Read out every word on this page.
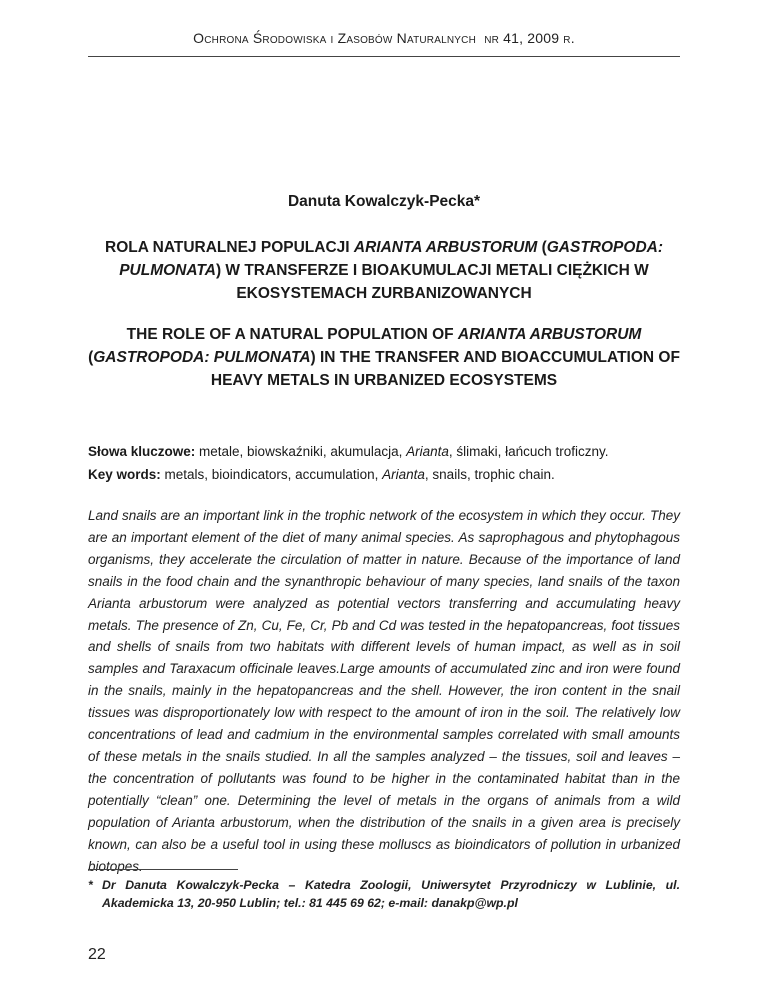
Ochrona Środowiska i Zasobów Naturalnych nr 41, 2009 r.
Danuta Kowalczyk-Pecka*
ROLA NATURALNEJ POPULACJI ARIANTA ARBUSTORUM (GASTROPODA: PULMONATA) W TRANSFERZE I BIOAKUMULACJI METALI CIĘŻKICH W EKOSYSTEMACH ZURBANIZOWANYCH
THE ROLE OF A NATURAL POPULATION OF ARIANTA ARBUSTORUM (GASTROPODA: PULMONATA) IN THE TRANSFER AND BIOACCUMULATION OF HEAVY METALS IN URBANIZED ECOSYSTEMS
Słowa kluczowe: metale, biowskaźniki, akumulacja, Arianta, ślimaki, łańcuch troficzny.
Key words: metals, bioindicators, accumulation, Arianta, snails, trophic chain.
Land snails are an important link in the trophic network of the ecosystem in which they occur. They are an important element of the diet of many animal species. As saprophagous and phytophagous organisms, they accelerate the circulation of matter in nature. Because of the importance of land snails in the food chain and the synanthropic behaviour of many species, land snails of the taxon Arianta arbustorum were analyzed as potential vectors transferring and accumulating heavy metals. The presence of Zn, Cu, Fe, Cr, Pb and Cd was tested in the hepatopancreas, foot tissues and shells of snails from two habitats with different levels of human impact, as well as in soil samples and Taraxacum officinale leaves.Large amounts of accumulated zinc and iron were found in the snails, mainly in the hepatopancreas and the shell. However, the iron content in the snail tissues was disproportionately low with respect to the amount of iron in the soil. The relatively low concentrations of lead and cadmium in the environmental samples correlated with small amounts of these metals in the snails studied. In all the samples analyzed – the tissues, soil and leaves – the concentration of pollutants was found to be higher in the contaminated habitat than in the potentially “clean” one. Determining the level of metals in the organs of animals from a wild population of Arianta arbustorum, when the distribution of the snails in a given area is precisely known, can also be a useful tool in using these molluscs as bioindicators of pollution in urbanized biotopes.
* Dr Danuta Kowalczyk-Pecka – Katedra Zoologii, Uniwersytet Przyrodniczy w Lublinie, ul. Akademicka 13, 20-950 Lublin; tel.: 81 445 69 62; e-mail: danakp@wp.pl
22
